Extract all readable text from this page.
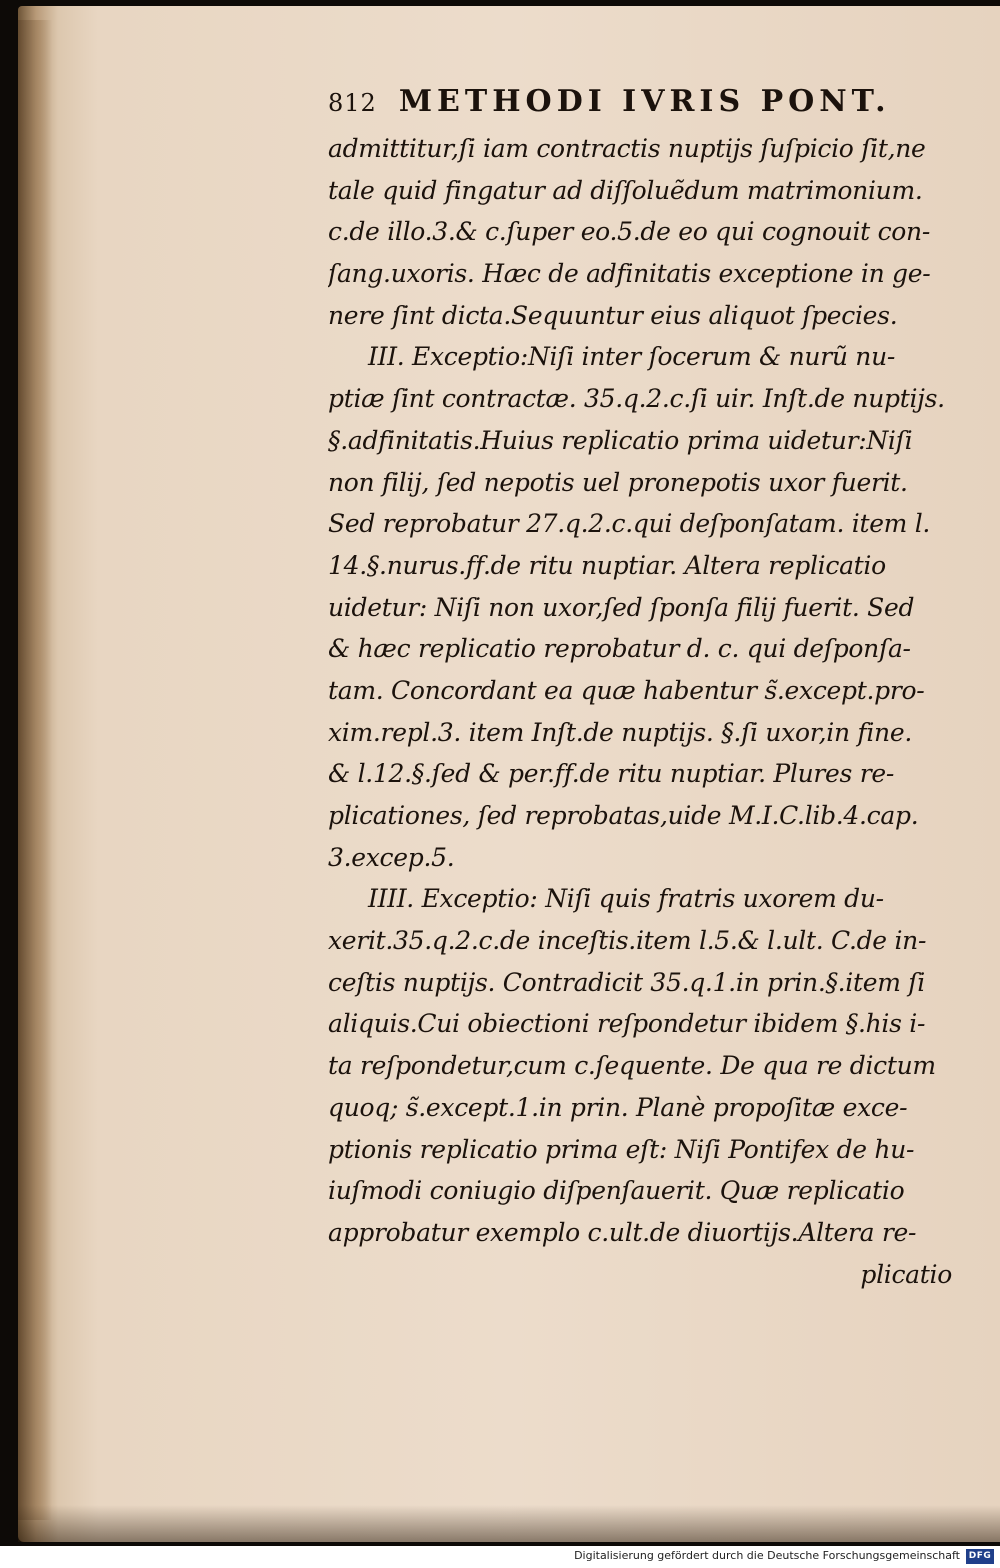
812 METHODI IVRIS PONT.
admittitur,ſi iam contractis nuptijs ſuſpicio ſit,ne
tale quid fingatur ad diſſoluẽdum matrimonium.
c.de illo.3.& c.ſuper eo.5.de eo qui cognouit con-
ſang.uxoris. Hæc de adfinitatis exceptione in ge-
nere ſint dicta.Sequuntur eius aliquot ſpecies.
III. Exceptio:Niſi inter ſocerum & nurũ nu-
ptiæ ſint contractæ. 35.q.2.c.ſi uir. Inſt.de nuptijs.
§.adfinitatis.Huius replicatio prima uidetur:Niſi
non filij, ſed nepotis uel pronepotis uxor fuerit.
Sed reprobatur 27.q.2.c.qui deſponſatam. item l.
14.§.nurus.ff.de ritu nuptiar. Altera replicatio
uidetur: Niſi non uxor,ſed ſponſa filij fuerit. Sed
& hæc replicatio reprobatur d. c. qui deſponſa-
tam. Concordant ea quæ habentur s̃.except.pro-
xim.repl.3. item Inſt.de nuptijs. §.ſi uxor,in fine.
& l.12.§.ſed & per.ff.de ritu nuptiar. Plures re-
plicationes, ſed reprobatas,uide M.I.C.lib.4.cap.
3.excep.5.
IIII. Exceptio: Niſi quis fratris uxorem du-
xerit.35.q.2.c.de inceſtis.item l.5.& l.ult. C.de in-
ceſtis nuptijs. Contradicit 35.q.1.in prin.§.item ſi
aliquis.Cui obiectioni reſpondetur ibidem §.his i-
ta reſpondetur,cum c.ſequente. De qua re dictum
quoq; s̃.except.1.in prin. Planè propoſitæ exce-
ptionis replicatio prima eſt: Niſi Pontifex de hu-
iuſmodi coniugio diſpenſauerit. Quæ replicatio
approbatur exemplo c.ult.de diuortijs.Altera re-
plicatio
Digitalisierung gefördert durch die Deutsche Forschungsgemeinschaft DFG
